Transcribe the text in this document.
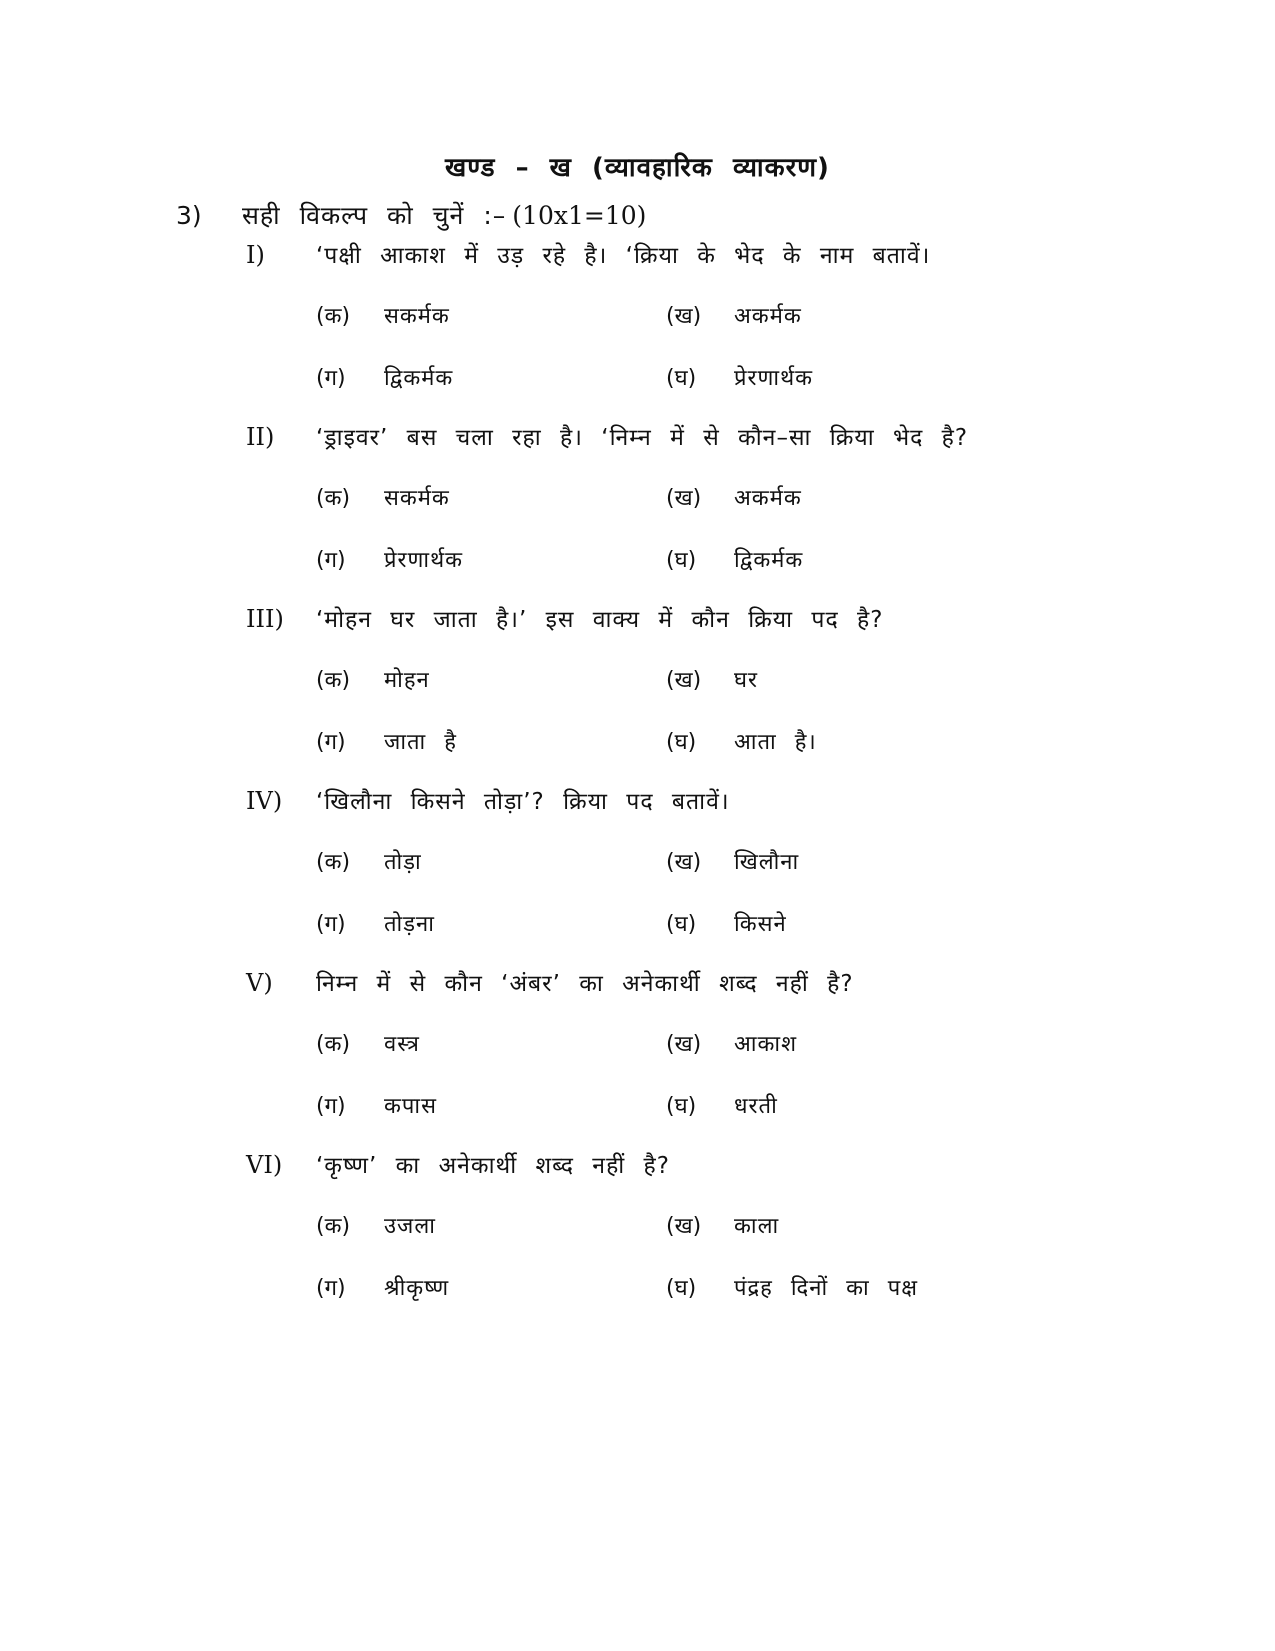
खण्ड – ख (व्यावहारिक व्याकरण)
3) सही विकल्प को चुनें :– (10x1=10)
I) ‘पक्षी आकाश में उड़ रहे है। ‘क्रिया के भेद के नाम बतावें।
(क) सकर्मक	(ख) अकर्मक
(ग) द्विकर्मक	(घ) प्रेरणार्थक
II) ‘ड्राइवर’ बस चला रहा है। ‘निम्न में से कौन–सा क्रिया भेद है?
(क) सकर्मक	(ख) अकर्मक
(ग) प्रेरणार्थक	(घ) द्विकर्मक
III) ‘मोहन घर जाता है।’ इस वाक्य में कौन क्रिया पद है?
(क) मोहन	(ख) घर
(ग) जाता है	(घ) आता है।
IV) ‘खिलौना किसने तोड़ा’? क्रिया पद बतावें।
(क) तोड़ा	(ख) खिलौना
(ग) तोड़ना	(घ) किसने
V) निम्न में से कौन ‘अंबर’ का अनेकार्थी शब्द नहीं है?
(क) वस्त्र	(ख) आकाश
(ग) कपास	(घ) धरती
VI) ‘कृष्ण’ का अनेकार्थी शब्द नहीं है?
(क) उजला	(ख) काला
(ग) श्रीकृष्ण	(घ) पंद्रह दिनों का पक्ष
